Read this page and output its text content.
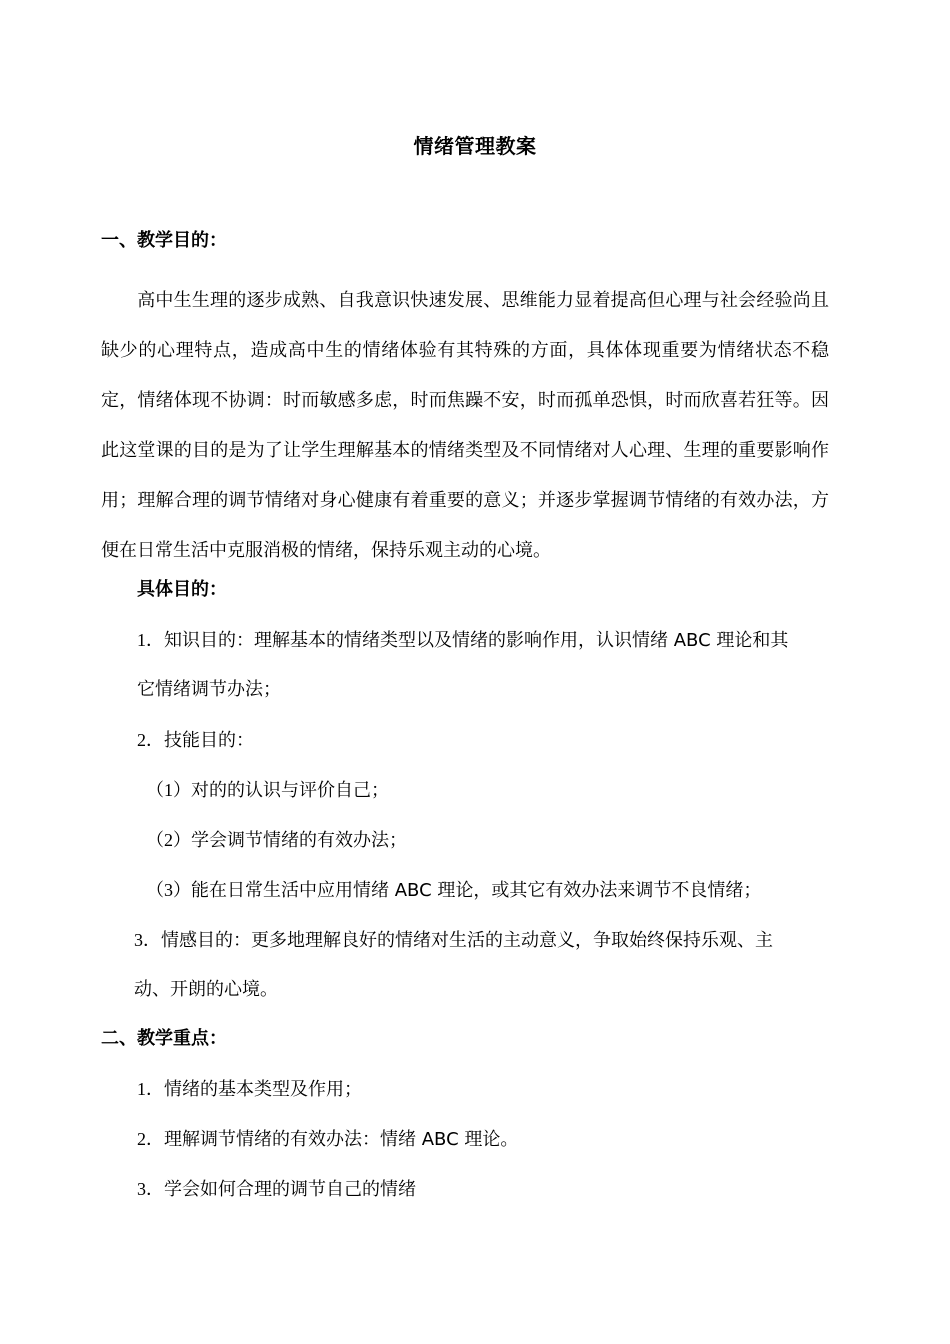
情绪管理教案
一、教学目的：
高中生生理的逐步成熟、自我意识快速发展、思维能力显着提高但心理与社会经验尚且缺少的心理特点，造成高中生的情绪体验有其特殊的方面，具体体现重要为情绪状态不稳定，情绪体现不协调：时而敏感多虑，时而焦躁不安，时而孤单恐惧，时而欣喜若狂等。因此这堂课的目的是为了让学生理解基本的情绪类型及不同情绪对人心理、生理的重要影响作用；理解合理的调节情绪对身心健康有着重要的意义；并逐步掌握调节情绪的有效办法，方便在日常生活中克服消极的情绪，保持乐观主动的心境。
具体目的：
1．知识目的：理解基本的情绪类型以及情绪的影响作用，认识情绪 ABC 理论和其
它情绪调节办法；
2．技能目的：
（1）对的的认识与评价自己；
（2）学会调节情绪的有效办法；
（3）能在日常生活中应用情绪 ABC 理论，或其它有效办法来调节不良情绪；
3．情感目的：更多地理解良好的情绪对生活的主动意义，争取始终保持乐观、主
动、开朗的心境。
二、教学重点：
1．情绪的基本类型及作用；
2．理解调节情绪的有效办法：情绪 ABC 理论。
3．学会如何合理的调节自己的情绪
